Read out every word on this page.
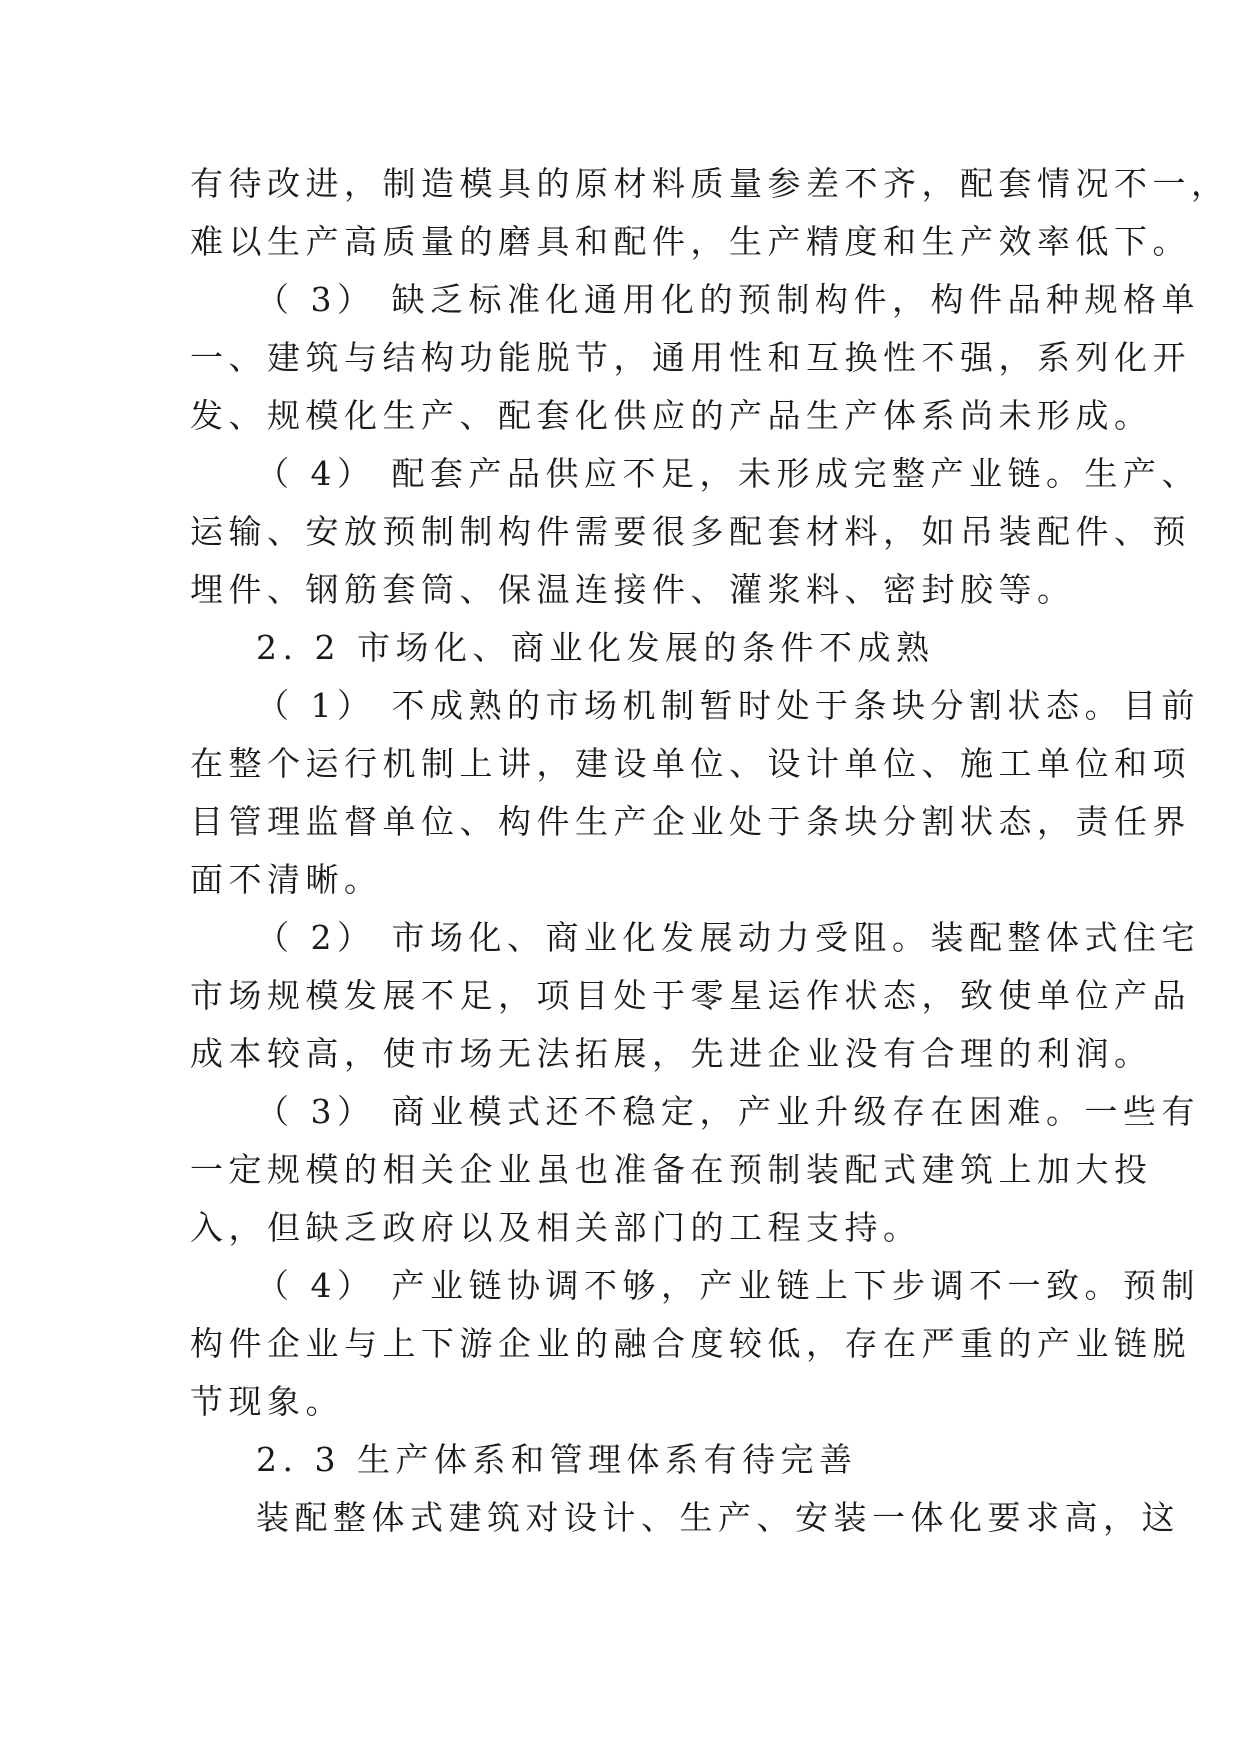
有待改进，制造模具的原材料质量参差不齐，配套情况不一，
难以生产高质量的磨具和配件，生产精度和生产效率低下。
（ 3） 缺乏标准化通用化的预制构件，构件品种规格单
一、建筑与结构功能脱节，通用性和互换性不强，系列化开
发、规模化生产、配套化供应的产品生产体系尚未形成。
（ 4） 配套产品供应不足，未形成完整产业链。生产、
运输、安放预制制构件需要很多配套材料，如吊装配件、预
埋件、钢筋套筒、保温连接件、灌浆料、密封胶等。
2. 2 市场化、商业化发展的条件不成熟
（ 1） 不成熟的市场机制暂时处于条块分割状态。目前
在整个运行机制上讲，建设单位、设计单位、施工单位和项
目管理监督单位、构件生产企业处于条块分割状态，责任界
面不清晰。
（ 2） 市场化、商业化发展动力受阻。装配整体式住宅
市场规模发展不足，项目处于零星运作状态，致使单位产品
成本较高，使市场无法拓展，先进企业没有合理的利润。
（ 3） 商业模式还不稳定，产业升级存在困难。一些有
一定规模的相关企业虽也准备在预制装配式建筑上加大投
入，但缺乏政府以及相关部门的工程支持。
（ 4） 产业链协调不够，产业链上下步调不一致。预制
构件企业与上下游企业的融合度较低，存在严重的产业链脱
节现象。
2. 3 生产体系和管理体系有待完善
装配整体式建筑对设计、生产、安装一体化要求高，这
